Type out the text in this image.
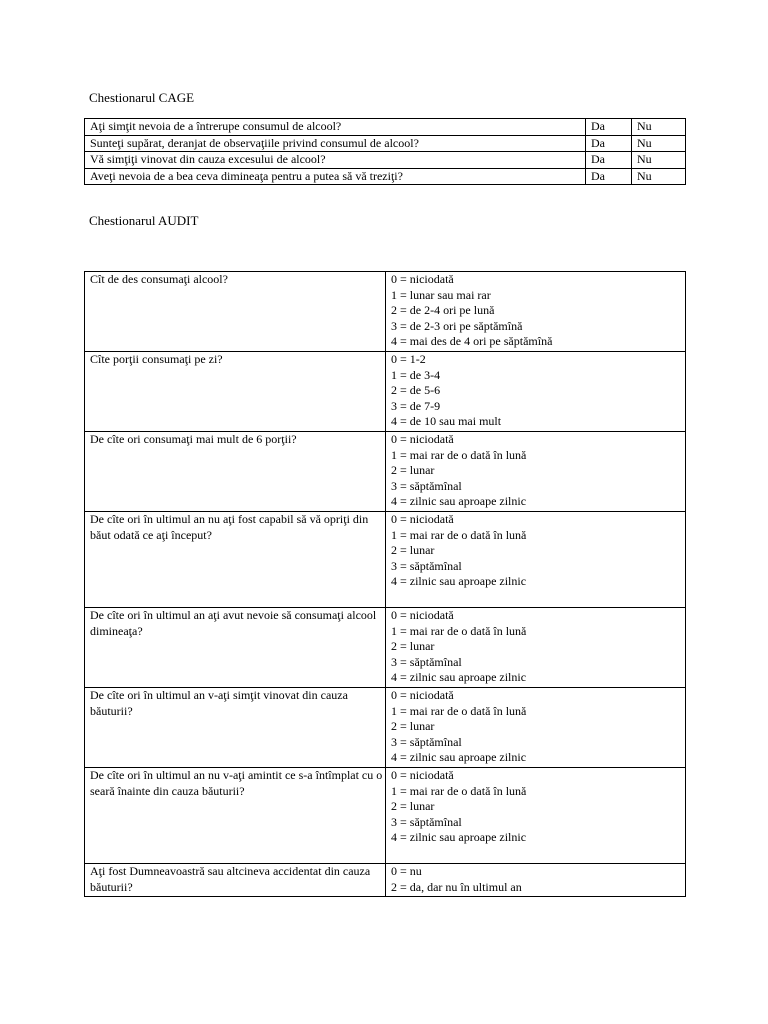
Chestionarul CAGE
Aţi simţit nevoia de a întrerupe consumul de alcool?	Da	Nu
Sunteţi supărat, deranjat de observaţiile privind consumul de alcool?	Da	Nu
Vă simţiţi vinovat din cauza excesului de alcool?	Da	Nu
Aveţi nevoia de a bea ceva dimineaţa pentru a putea să vă treziţi?	Da	Nu
Chestionarul AUDIT
Cît de des consumaţi alcool?	0 = niciodată
1 = lunar sau mai rar
2 = de 2-4 ori pe lună
3 = de 2-3 ori pe săptămînă
4 = mai des de 4 ori pe săptămînă

Cîte porţii consumaţi pe zi?	0 = 1-2
1 = de 3-4
2 = de 5-6
3 = de 7-9
4 = de 10 sau mai mult

De cîte ori consumaţi mai mult de 6 porţii?	0 = niciodată
1 = mai rar de o dată în lună
2 = lunar
3 = săptămînal
4 = zilnic sau aproape zilnic

De cîte ori în ultimul an nu aţi fost capabil să vă opriţi din băut odată ce aţi început?	0 = niciodată
1 = mai rar de o dată în lună
2 = lunar
3 = săptămînal
4 = zilnic sau aproape zilnic

De cîte ori în ultimul an aţi avut nevoie să consumaţi alcool dimineaţa?	0 = niciodată
1 = mai rar de o dată în lună
2 = lunar
3 = săptămînal
4 = zilnic sau aproape zilnic

De cîte ori în ultimul an v-aţi simţit vinovat din cauza băuturii?	0 = niciodată
1 = mai rar de o dată în lună
2 = lunar
3 = săptămînal
4 = zilnic sau aproape zilnic

De cîte ori în ultimul an nu v-aţi amintit ce s-a întîmplat cu o seară înainte din cauza băuturii?	0 = niciodată
1 = mai rar de o dată în lună
2 = lunar
3 = săptămînal
4 = zilnic sau aproape zilnic

Aţi fost Dumneavoastră sau altcineva accidentat din cauza băuturii?	0 = nu
2 = da, dar nu în ultimul an
